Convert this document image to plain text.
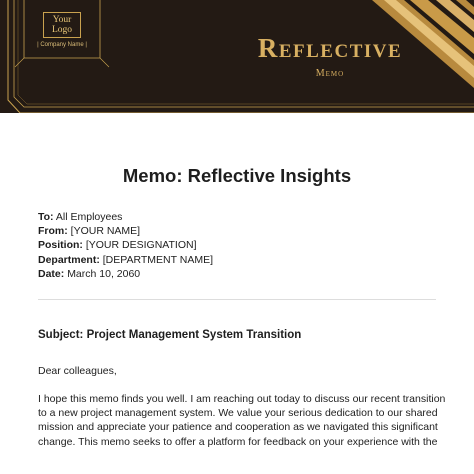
Your
Logo
| Company Name |	Reflective
Memo
Memo: Reflective Insights
To: All Employees
From: [YOUR NAME]
Position: [YOUR DESIGNATION]
Department: [DEPARTMENT NAME]
Date: March 10, 2060
Subject: Project Management System Transition
Dear colleagues,
I hope this memo finds you well. I am reaching out today to discuss our recent transition
to a new project management system. We value your serious dedication to our shared
mission and appreciate your patience and cooperation as we navigated this significant
change. This memo seeks to offer a platform for feedback on your experience with the
